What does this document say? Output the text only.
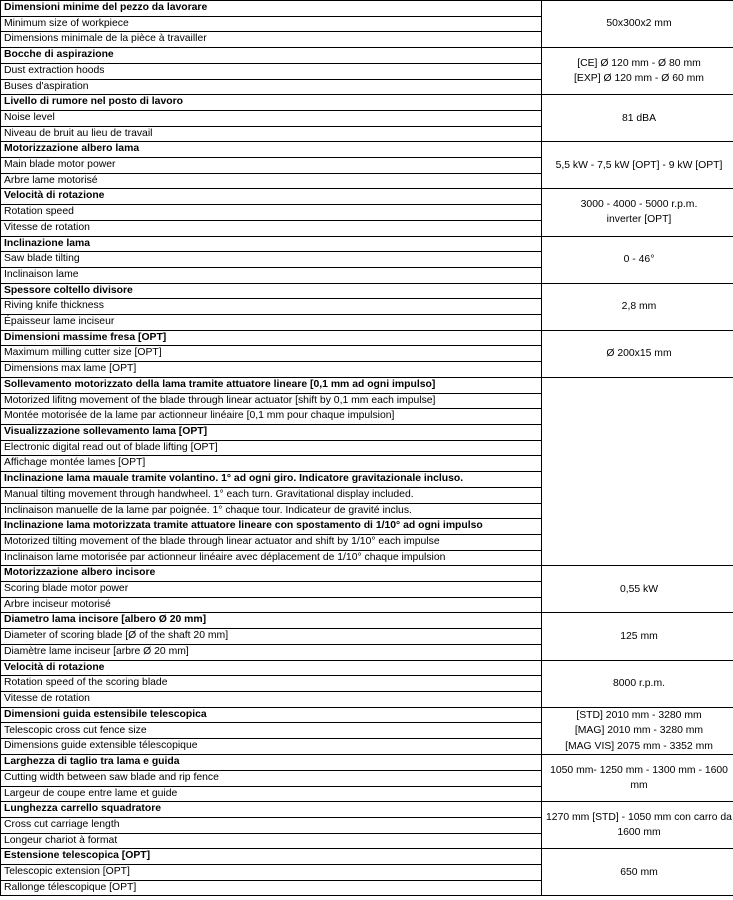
Dimensioni minime del pezzo da lavorare	50x300x2 mm

Minimum size of workpiece	
Dimensions minimale de la pièce à travailler	
Bocche di aspirazione	[CE] Ø 120 mm - Ø 80 mm
[EXP] Ø 120 mm - Ø 60 mm

Dust extraction hoods	
Buses d'aspiration	
Livello di rumore nel posto di lavoro	81 dBA

Noise level	
Niveau de bruit au lieu de travail	
Motorizzazione albero lama	5,5 kW - 7,5 kW [OPT] - 9 kW [OPT]

Main blade motor power	
Arbre lame motorisé	
Velocità di rotazione	3000 - 4000 - 5000 r.p.m.
inverter [OPT]

Rotation speed	
Vitesse de rotation	
Inclinazione lama	0 - 46°

Saw blade tilting	
Inclinaison lame	
Spessore coltello divisore	2,8 mm

Riving knife thickness	
Épaisseur lame inciseur	
Dimensioni massime fresa [OPT]	Ø 200x15 mm

Maximum milling cutter size [OPT]	
Dimensions max lame [OPT]	
Sollevamento motorizzato della lama tramite attuatore lineare [0,1 mm ad ogni impulso]	
Motorized lifitng movement of the blade through linear actuator [shift by 0,1 mm each impulse]	
Montée motorisée de la lame par actionneur linéaire [0,1 mm pour chaque impulsion]	
Visualizzazione sollevamento lama [OPT]	
Electronic digital read out of blade lifting [OPT]	
Affichage montée lames [OPT]	
Inclinazione lama mauale tramite volantino. 1° ad ogni giro. Indicatore gravitazionale incluso.	
Manual tilting movement through handwheel. 1° each turn. Gravitational display included.	
Inclinaison manuelle de la lame par poignée. 1° chaque tour. Indicateur de gravité inclus.	
Inclinazione lama motorizzata tramite attuatore lineare con spostamento di 1/10° ad ogni impulso	
Motorized tilting movement of the blade through linear actuator and shift by 1/10° each impulse	
Inclinaison lame motorisée par actionneur linéaire avec déplacement de 1/10° chaque impulsion	
Motorizzazione albero incisore	0,55 kW

Scoring blade motor power	
Arbre inciseur motorisé	
Diametro lama incisore [albero Ø 20 mm]	125 mm

Diameter of scoring blade [Ø of the shaft 20 mm]	
Diamètre lame inciseur [arbre Ø 20 mm]	
Velocità di rotazione	8000 r.p.m.

Rotation speed of the scoring blade	
Vitesse de rotation	
Dimensioni guida estensibile telescopica	[STD] 2010 mm - 3280 mm
[MAG] 2010 mm - 3280 mm
[MAG VIS] 2075 mm - 3352 mm

Telescopic cross cut fence size	
Dimensions guide extensible télescopique	
Larghezza di taglio tra lama e guida	1050 mm- 1250 mm - 1300 mm - 1600 mm

Cutting width between saw blade and rip fence	
Largeur de coupe entre lame et guide	
Lunghezza carrello squadratore	1270 mm [STD] - 1050 mm con carro da 1600 mm

Cross cut carriage length	
Longeur chariot à format	
Estensione telescopica [OPT]	650 mm

Telescopic extension [OPT]	
Rallonge télescopique [OPT]	
